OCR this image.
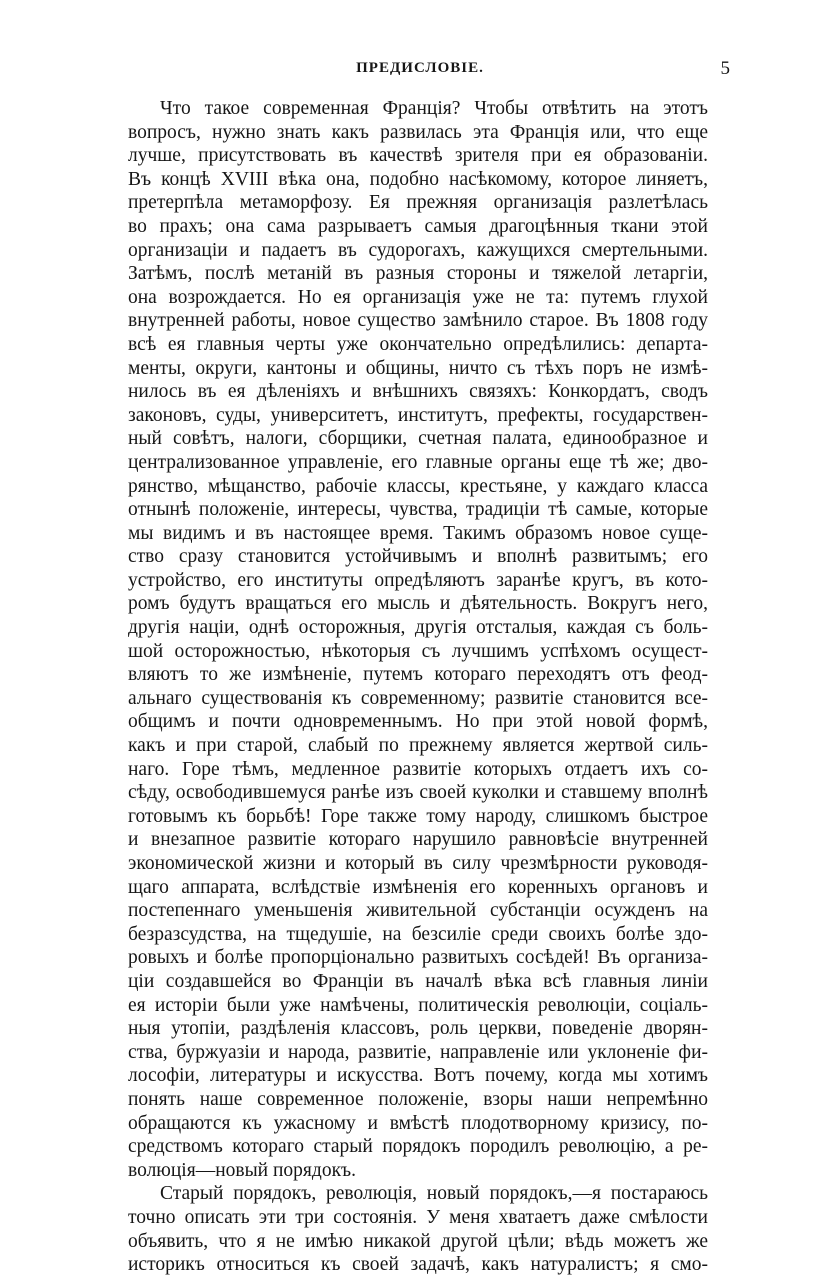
ПРЕДИСЛОВІЕ.	5
Что такое современная Франція? Чтобы отвѣтить на этотъ
вопросъ, нужно знать какъ развилась эта Франція или, что еще
лучше, присутствовать въ качествѣ зрителя при ея образованіи.
Въ концѣ XVIII вѣка она, подобно насѣкомому, которое линяетъ,
претерпѣла метаморфозу. Ея прежняя организація разлетѣлась
во прахъ; она сама разрываетъ самыя драгоцѣнныя ткани этой
организаціи и падаетъ въ судорогахъ, кажущихся смертельными.
Затѣмъ, послѣ метаній въ разныя стороны и тяжелой летаргіи,
она возрождается. Но ея организація уже не та: путемъ глухой
внутренней работы, новое существо замѣнило старое. Въ 1808 году
всѣ ея главныя черты уже окончательно опредѣлились: департа-
менты, округи, кантоны и общины, ничто съ тѣхъ поръ не измѣ-
нилось въ ея дѣленіяхъ и внѣшнихъ связяхъ: Конкордатъ, сводъ
законовъ, суды, университетъ, институтъ, префекты, государствен-
ный совѣтъ, налоги, сборщики, счетная палата, единообразное и
централизованное управленіе, его главные органы еще тѣ же; дво-
рянство, мѣщанство, рабочіе классы, крестьяне, у каждаго класса
отнынѣ положеніе, интересы, чувства, традиціи тѣ самые, которые
мы видимъ и въ настоящее время. Такимъ образомъ новое суще-
ство сразу становится устойчивымъ и вполнѣ развитымъ; его
устройство, его институты опредѣляютъ заранѣе кругъ, въ кото-
ромъ будутъ вращаться его мысль и дѣятельность. Вокругъ него,
другія націи, однѣ осторожныя, другія отсталыя, каждая съ боль-
шой осторожностью, нѣкоторыя съ лучшимъ успѣхомъ осущест-
вляютъ то же измѣненіе, путемъ котораго переходятъ отъ феод-
альнаго существованія къ современному; развитіе становится все-
общимъ и почти одновременнымъ. Но при этой новой формѣ,
какъ и при старой, слабый по прежнему является жертвой силь-
наго. Горе тѣмъ, медленное развитіе которыхъ отдаетъ ихъ со-
сѣду, освободившемуся ранѣе изъ своей куколки и ставшему вполнѣ
готовымъ къ борьбѣ! Горе также тому народу, слишкомъ быстрое
и внезапное развитіе котораго нарушило равновѣсіе внутренней
экономической жизни и который въ силу чрезмѣрности руководя-
щаго аппарата, вслѣдствіе измѣненія его коренныхъ органовъ и
постепеннаго уменьшенія живительной субстанціи осужденъ на
безразсудства, на тщедушіе, на безсиліе среди своихъ болѣе здо-
ровыхъ и болѣе пропорціонально развитыхъ сосѣдей! Въ организа-
ціи создавшейся во Франціи въ началѣ вѣка всѣ главныя линіи
ея исторіи были уже намѣчены, политическія революціи, соціаль-
ныя утопіи, раздѣленія классовъ, роль церкви, поведеніе дворян-
ства, буржуазіи и народа, развитіе, направленіе или уклоненіе фи-
лософіи, литературы и искусства. Вотъ почему, когда мы хотимъ
понять наше современное положеніе, взоры наши непремѣнно
обращаются къ ужасному и вмѣстѣ плодотворному кризису, по-
средствомъ котораго старый порядокъ породилъ революцію, а ре-
волюція—новый порядокъ.
Старый порядокъ, революція, новый порядокъ,—я постараюсь
точно описать эти три состоянія. У меня хватаетъ даже смѣлости
объявить, что я не имѣю никакой другой цѣли; вѣдь можетъ же
историкъ относиться къ своей задачѣ, какъ натуралистъ; я смо-
